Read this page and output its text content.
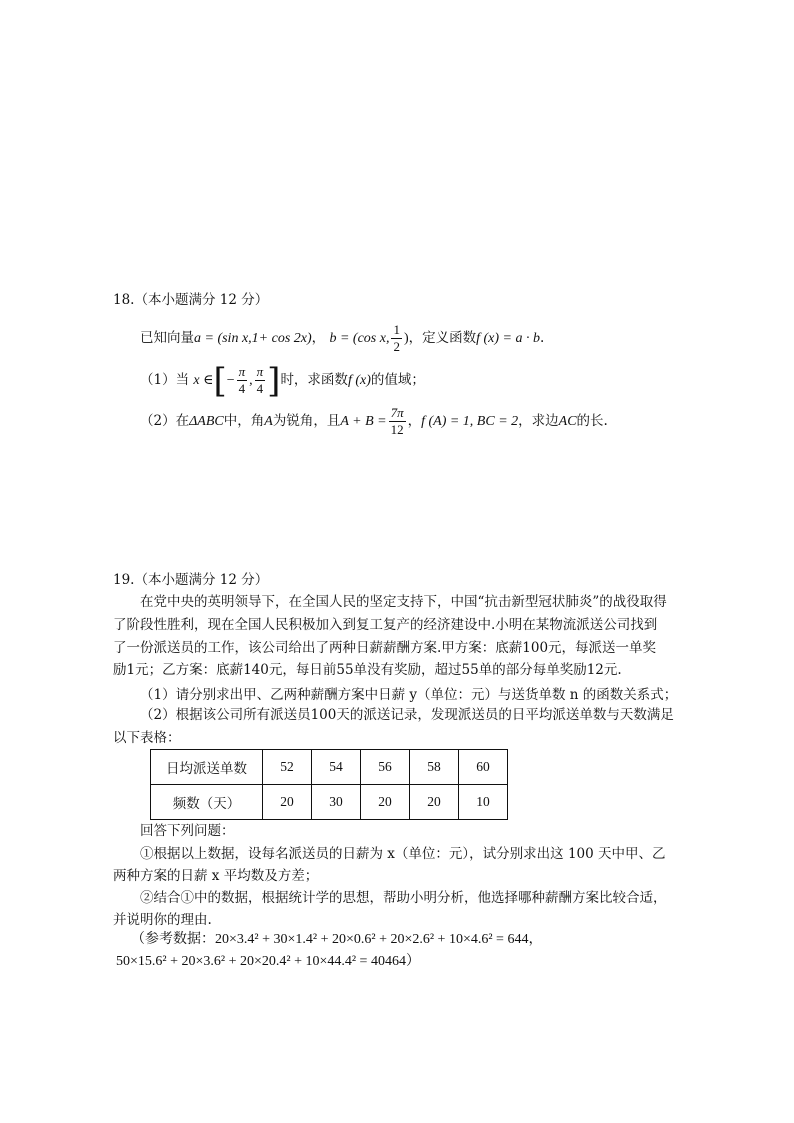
18.（本小题满分 12 分）
已知向量a = (sin x,1+ cos 2x)， b = (cos x, $\frac{1}{2}$ )，定义函数f (x) = a · b.
（1）当 x ∈[− $\frac{\pi}{4}$ , $\frac{\pi}{4}$ ]时，求函数f (x)的值域；
（2）在ΔABC中，角A为锐角，且$A + B = \frac{7\pi}{12}$ ，f (A) = 1, BC = 2，求边AC的长.
19.（本小题满分 12 分）
在党中央的英明领导下，在全国人民的坚定支持下，中国“抗击新型冠状肺炎”的战役取得
了阶段性胜利，现在全国人民积极加入到复工复产的经济建设中.小明在某物流派送公司找到
了一份派送员的工作，该公司给出了两种日薪薪酬方案.甲方案：底薪100元，每派送一单奖
励1元；乙方案：底薪140元，每日前55单没有奖励，超过55单的部分每单奖励12元.
（1）请分别求出甲、乙两种薪酬方案中日薪 y（单位：元）与送货单数 n 的函数关系式；
（2）根据该公司所有派送员100天的派送记录，发现派送员的日平均派送单数与天数满足
以下表格：
日均派送单数	52	54	56	58	60
频数（天）	20	30	20	20	10
回答下列问题：
①根据以上数据，设每名派送员的日薪为 x（单位：元），试分别求出这 100 天中甲、乙
两种方案的日薪 x 平均数及方差；
②结合①中的数据，根据统计学的思想，帮助小明分析，他选择哪种薪酬方案比较合适，
并说明你的理由.
（参考数据：20×3.4² + 30×1.4² + 20×0.6² + 20×2.6² + 10×4.6² = 644，
50×15.6² + 20×3.6² + 20×20.4² + 10×44.4² = 40464）
